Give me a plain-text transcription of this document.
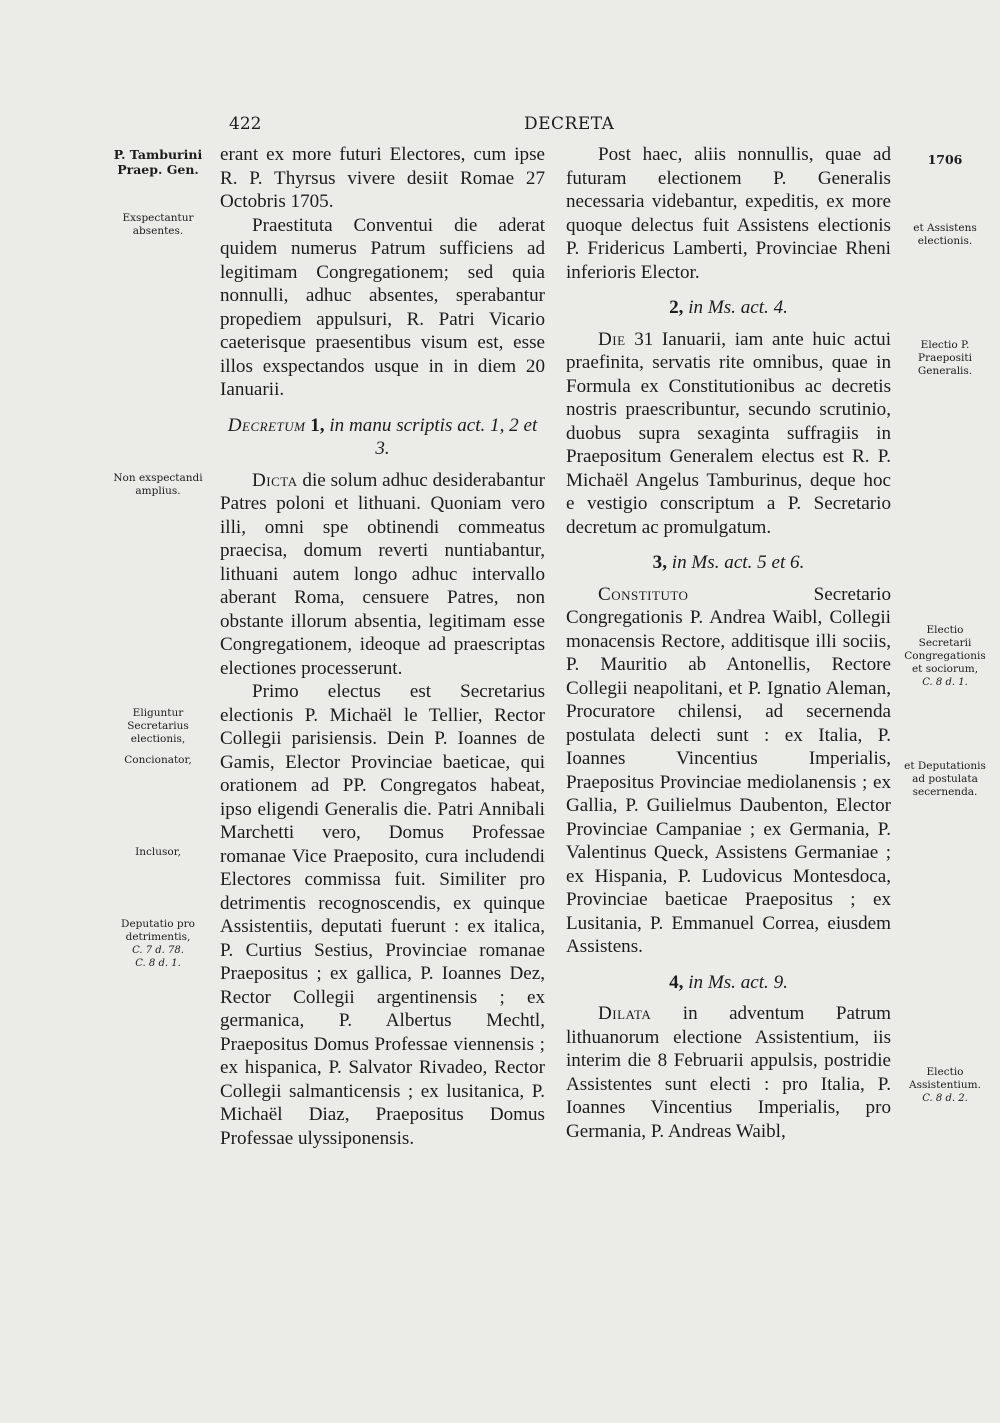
422	DECRETA
P. Tamburini Praep. Gen.
Exspectantur absentes.
Non exspectandi amplius.
Eliguntur Secretarius electionis,
Concionator,
Inclusor,
Deputatio pro detrimentis,
C. 7 d. 78.
C. 8 d. 1.
1706
et Assistens electionis.
Electio P. Praepositi Generalis.
Electio Secretarii Congregationis et sociorum,
C. 8 d. 1.
et Deputationis ad postulata secernenda.
Electio Assistentium.
C. 8 d. 2.

erant ex more futuri Electores, cum ipse R. P. Thyrsus vivere desiit Romae 27 Octobris 1705.

Praestituta Conventui die aderat quidem numerus Patrum sufficiens ad legitimam Congregationem; sed quia nonnulli, adhuc absentes, sperabantur propediem appulsuri, R. Patri Vicario caeterisque praesentibus visum est, esse illos exspectandos usque in in diem 20 Ianuarii.

Decretum 1, in manu scriptis act. 1, 2 et 3.

Dicta die solum adhuc desiderabantur Patres poloni et lithuani. Quoniam vero illi, omni spe obtinendi commeatus praecisa, domum reverti nuntiabantur, lithuani autem longo adhuc intervallo aberant Roma, censuere Patres, non obstante illorum absentia, legitimam esse Congregationem, ideoque ad praescriptas electiones processerunt.

Primo electus est Secretarius electionis P. Michaël le Tellier, Rector Collegii parisiensis. Dein P. Ioannes de Gamis, Elector Provinciae baeticae, qui orationem ad PP. Congregatos habeat, ipso eligendi Generalis die. Patri Annibali Marchetti vero, Domus Professae romanae Vice Praeposito, cura includendi Electores commissa fuit. Similiter pro detrimentis recognoscendis, ex quinque Assistentiis, deputati fuerunt : ex italica, P. Curtius Sestius, Provinciae romanae Praepositus ; ex gallica, P. Ioannes Dez, Rector Collegii argentinensis ; ex germanica, P. Albertus Mechtl, Praepositus Domus Professae viennensis ; ex hispanica, P. Salvator Rivadeo, Rector Collegii salmanticensis ; ex lusitanica, P. Michaël Diaz, Praepositus Domus Professae ulyssiponensis.

Post haec, aliis nonnullis, quae ad futuram electionem P. Generalis necessaria videbantur, expeditis, ex more quoque delectus fuit Assistens electionis P. Fridericus Lamberti, Provinciae Rheni inferioris Elector.

2, in Ms. act. 4.

Die 31 Ianuarii, iam ante huic actui praefinita, servatis rite omnibus, quae in Formula ex Constitutionibus ac decretis nostris praescribuntur, secundo scrutinio, duobus supra sexaginta suffragiis in Praepositum Generalem electus est R. P. Michaël Angelus Tamburinus, deque hoc e vestigio conscriptum a P. Secretario decretum ac promulgatum.

3, in Ms. act. 5 et 6.

Constituto Secretario Congregationis P. Andrea Waibl, Collegii monacensis Rectore, additisque illi sociis, P. Mauritio ab Antonellis, Rectore Collegii neapolitani, et P. Ignatio Aleman, Procuratore chilensi, ad secernenda postulata delecti sunt : ex Italia, P. Ioannes Vincentius Imperialis, Praepositus Provinciae mediolanensis ; ex Gallia, P. Guilielmus Daubenton, Elector Provinciae Campaniae ; ex Germania, P. Valentinus Queck, Assistens Germaniae ; ex Hispania, P. Ludovicus Montesdoca, Provinciae baeticae Praepositus ; ex Lusitania, P. Emmanuel Correa, eiusdem Assistens.

4, in Ms. act. 9.

Dilata in adventum Patrum lithuanorum electione Assistentium, iis interim die 8 Februarii appulsis, postridie Assistentes sunt electi : pro Italia, P. Ioannes Vincentius Imperialis, pro Germania, P. Andreas Waibl,
